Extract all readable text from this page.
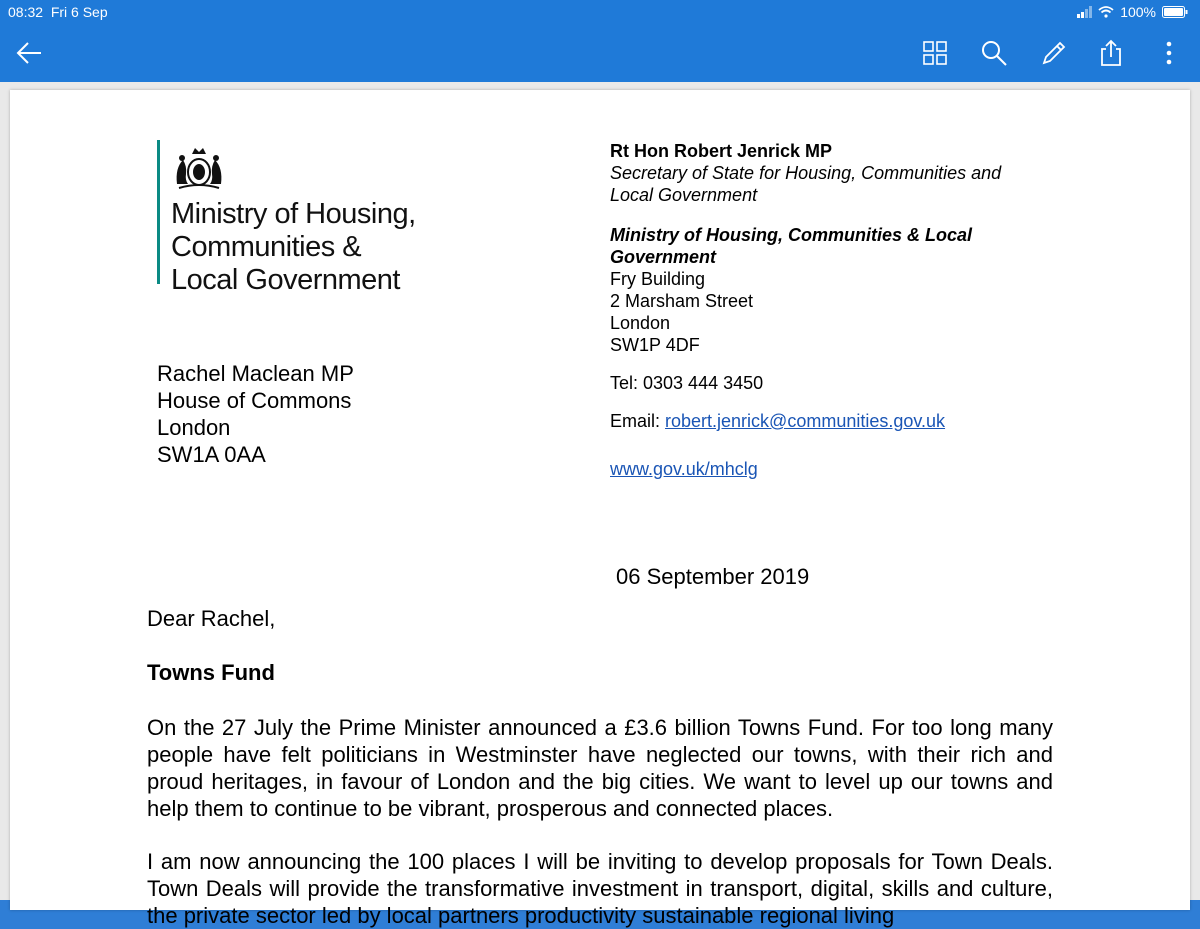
08:32 Fri 6 Sep	100%
Ministry of Housing,
Communities &
Local Government
Rt Hon Robert Jenrick MP
Secretary of State for Housing, Communities and
Local Government
Ministry of Housing, Communities & Local
Government
Fry Building
2 Marsham Street
London
SW1P 4DF
Tel: 0303 444 3450
Email: robert.jenrick@communities.gov.uk
www.gov.uk/mhclg
Rachel Maclean MP
House of Commons
London
SW1A 0AA
06 September 2019
Dear Rachel,
Towns Fund
On the 27 July the Prime Minister announced a £3.6 billion Towns Fund. For too long many people have felt politicians in Westminster have neglected our towns, with their rich and proud heritages, in favour of London and the big cities. We want to level up our towns and help them to continue to be vibrant, prosperous and connected places.
I am now announcing the 100 places I will be inviting to develop proposals for Town Deals. Town Deals will provide the transformative investment in transport, digital, skills and culture, the private sector led by local partners productivity sustainable regional living
